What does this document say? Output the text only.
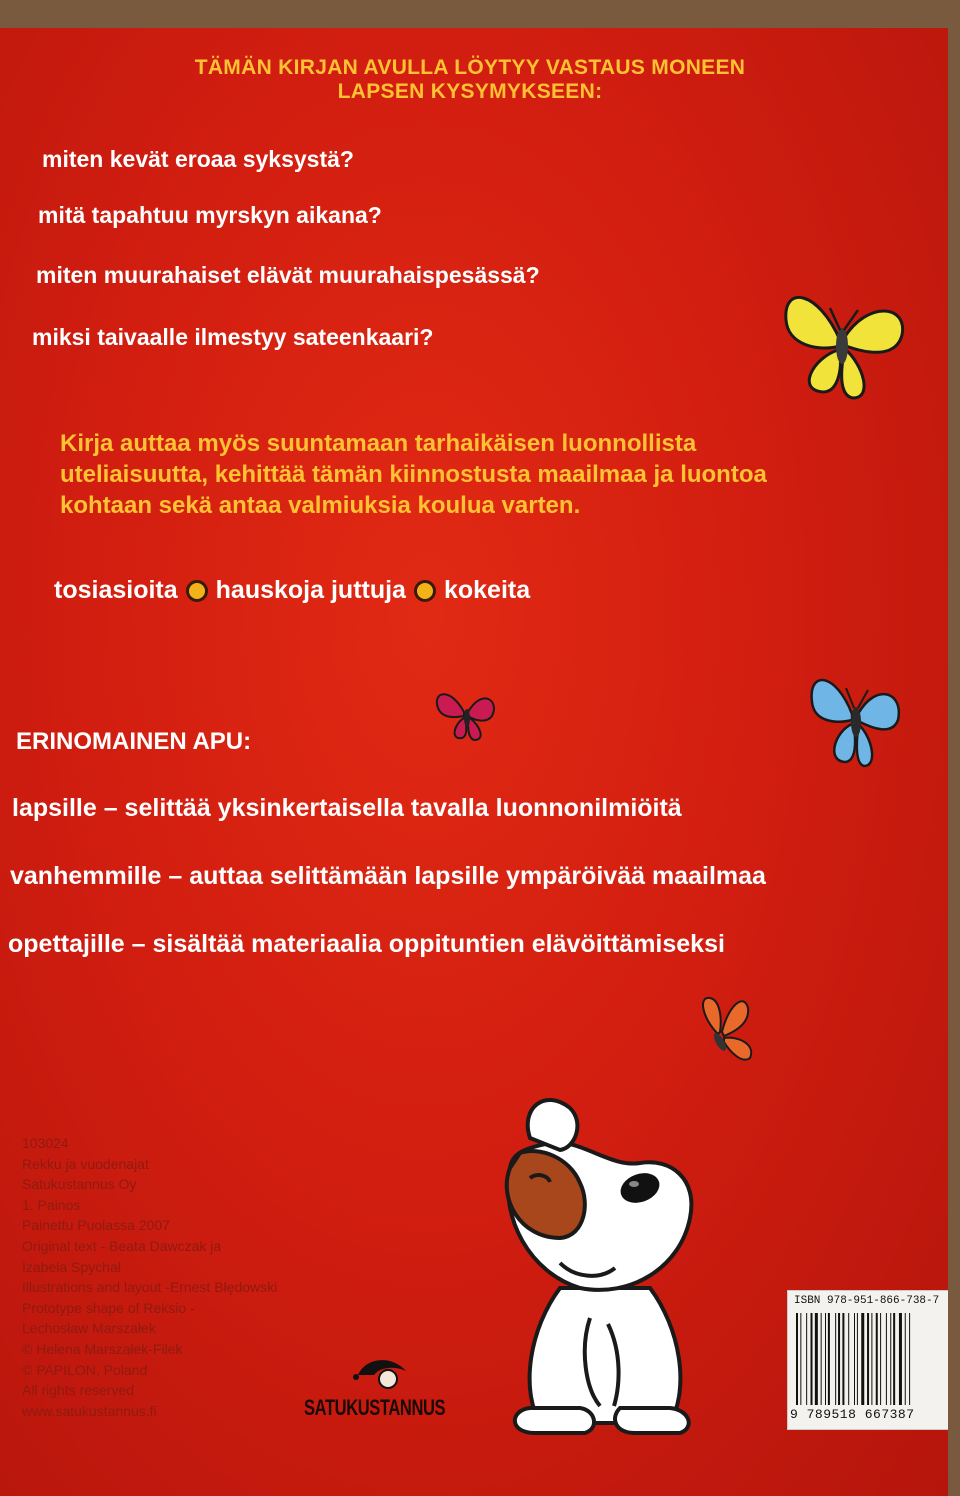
TÄMÄN KIRJAN AVULLA LÖYTYY VASTAUS MONEEN LAPSEN KYSYMYKSEEN:
miten kevät eroaa syksystä?
mitä tapahtuu myrskyn aikana?
miten muurahaiset elävät muurahaispesässä?
miksi taivaalle ilmestyy sateenkaari?
Kirja auttaa myös suuntamaan tarhaikäisen luonnollista uteliaisuutta, kehittää tämän kiinnostusta maailmaa ja luontoa kohtaan sekä antaa valmiuksia koulua varten.
tosiasioita hauskoja juttuja kokeita
ERINOMAINEN APU:
lapsille – selittää yksinkertaisella tavalla luonnonilmiöitä
vanhemmille – auttaa selittämään lapsille ympäröivää maailmaa
opettajille – sisältää materiaalia oppituntien elävöittämiseksi
103024
Rekku ja vuodenajat
Satukustannus Oy
1. Painos
Painettu Puolassa 2007
Original text - Beata Dawczak ja
Izabela Spychał
Illustrations and layout -Ernest Błędowski
Prototype shape of Reksio -
Lechosław Marszałek
© Helena Marszałek-Filek
© PAPILON, Poland
All rights reserved
www.satukustannus.fi	SATUKUSTANNUS
ISBN 978-951-866-738-7
9 789518 667387
